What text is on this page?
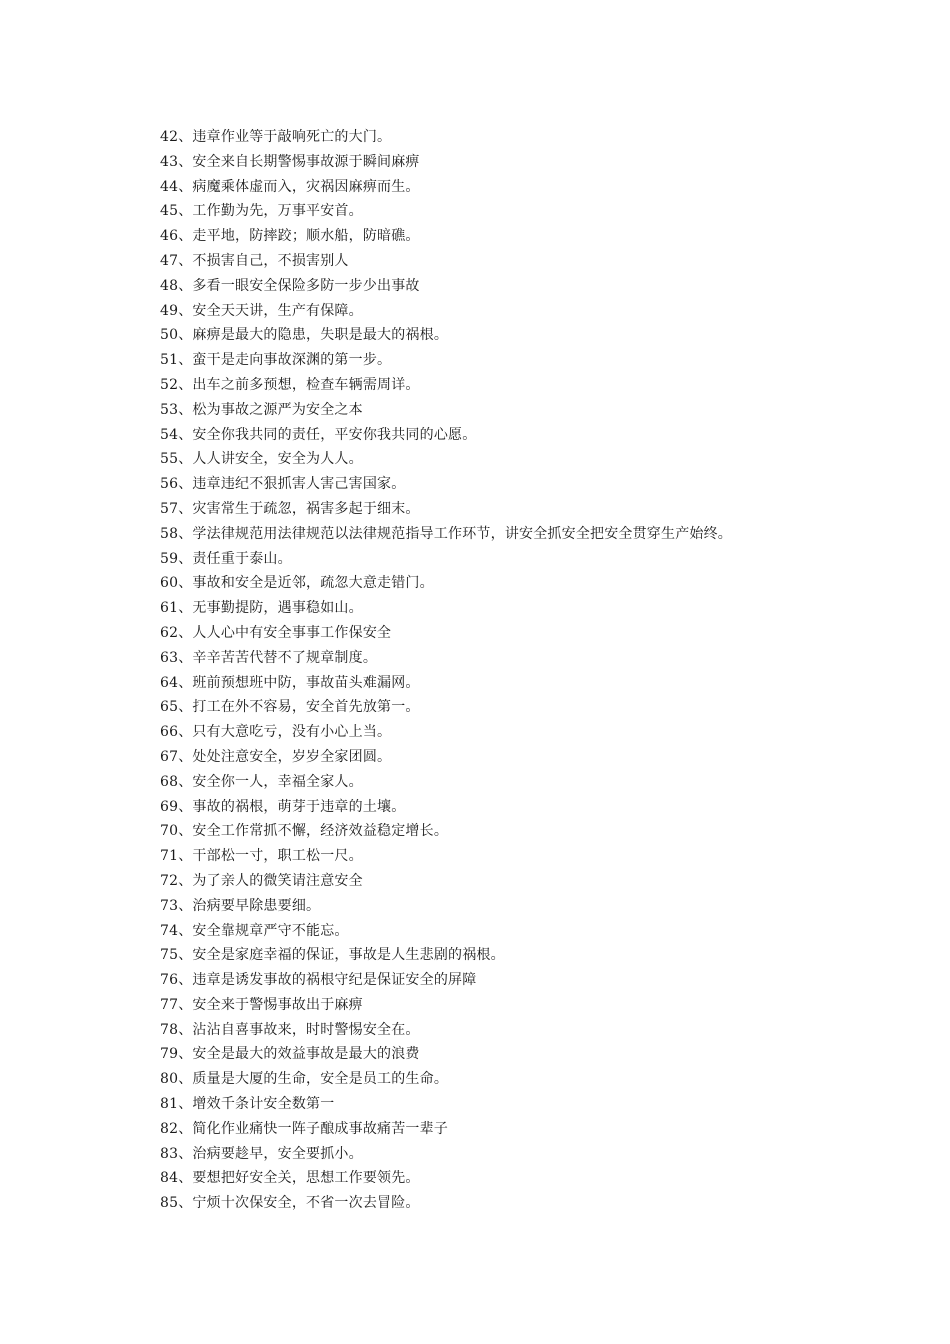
42、违章作业等于敲响死亡的大门。
43、安全来自长期警惕事故源于瞬间麻痹
44、病魔乘体虚而入，灾祸因麻痹而生。
45、工作勤为先，万事平安首。
46、走平地，防摔跤；顺水船，防暗礁。
47、不损害自己，不损害别人
48、多看一眼安全保险多防一步少出事故
49、安全天天讲，生产有保障。
50、麻痹是最大的隐患，失职是最大的祸根。
51、蛮干是走向事故深渊的第一步。
52、出车之前多预想，检查车辆需周详。
53、松为事故之源严为安全之本
54、安全你我共同的责任，平安你我共同的心愿。
55、人人讲安全，安全为人人。
56、违章违纪不狠抓害人害己害国家。
57、灾害常生于疏忽，祸害多起于细末。
58、学法律规范用法律规范以法律规范指导工作环节，讲安全抓安全把安全贯穿生产始终。
59、责任重于泰山。
60、事故和安全是近邻，疏忽大意走错门。
61、无事勤提防，遇事稳如山。
62、人人心中有安全事事工作保安全
63、辛辛苦苦代替不了规章制度。
64、班前预想班中防，事故苗头难漏网。
65、打工在外不容易，安全首先放第一。
66、只有大意吃亏，没有小心上当。
67、处处注意安全，岁岁全家团圆。
68、安全你一人，幸福全家人。
69、事故的祸根，萌芽于违章的土壤。
70、安全工作常抓不懈，经济效益稳定增长。
71、干部松一寸，职工松一尺。
72、为了亲人的微笑请注意安全
73、治病要早除患要细。
74、安全靠规章严守不能忘。
75、安全是家庭幸福的保证，事故是人生悲剧的祸根。
76、违章是诱发事故的祸根守纪是保证安全的屏障
77、安全来于警惕事故出于麻痹
78、沾沾自喜事故来，时时警惕安全在。
79、安全是最大的效益事故是最大的浪费
80、质量是大厦的生命，安全是员工的生命。
81、增效千条计安全数第一
82、简化作业痛快一阵子酿成事故痛苦一辈子
83、治病要趁早，安全要抓小。
84、要想把好安全关，思想工作要领先。
85、宁烦十次保安全，不省一次去冒险。
